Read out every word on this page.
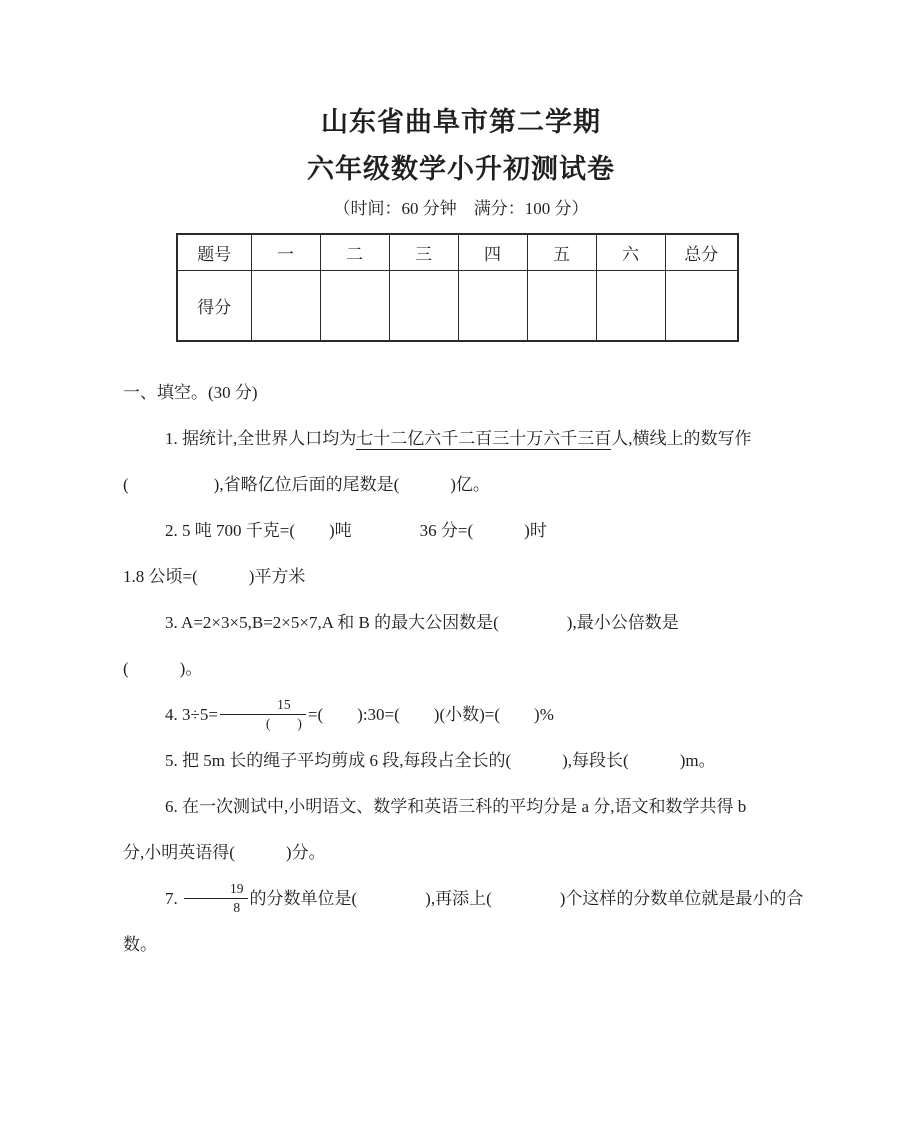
山东省曲阜市第二学期
六年级数学小升初测试卷
（时间：60 分钟　满分：100 分）
题号	一	二	三	四	五	六	总分
得分							
一、填空。(30 分)
1. 据统计,全世界人口均为七十二亿六千二百三十万六千三百人,横线上的数写作
(　　　　　),省略亿位后面的尾数是(　　　)亿。
2. 5 吨 700 千克=(　　)吨　　　　36 分=(　　　)时
1.8 公顷=(　　　)平方米
3. A=2×3×5,B=2×5×7,A 和 B 的最大公因数是(　　　　),最小公倍数是
(　　　)。
4. $3\div 5= \frac{15}{( )}$ =(　　):30=(　　)(小数)=(　　)%
5. 把 5m 长的绳子平均剪成 6 段,每段占全长的(　　　),每段长(　　　)m。
6. 在一次测试中,小明语文、数学和英语三科的平均分是 a 分,语文和数学共得 b
分,小明英语得(　　　)分。
7. $\frac{19}{8}$ 的分数单位是(　　　　),再添上(　　　　)个这样的分数单位就是最小的合
数。
